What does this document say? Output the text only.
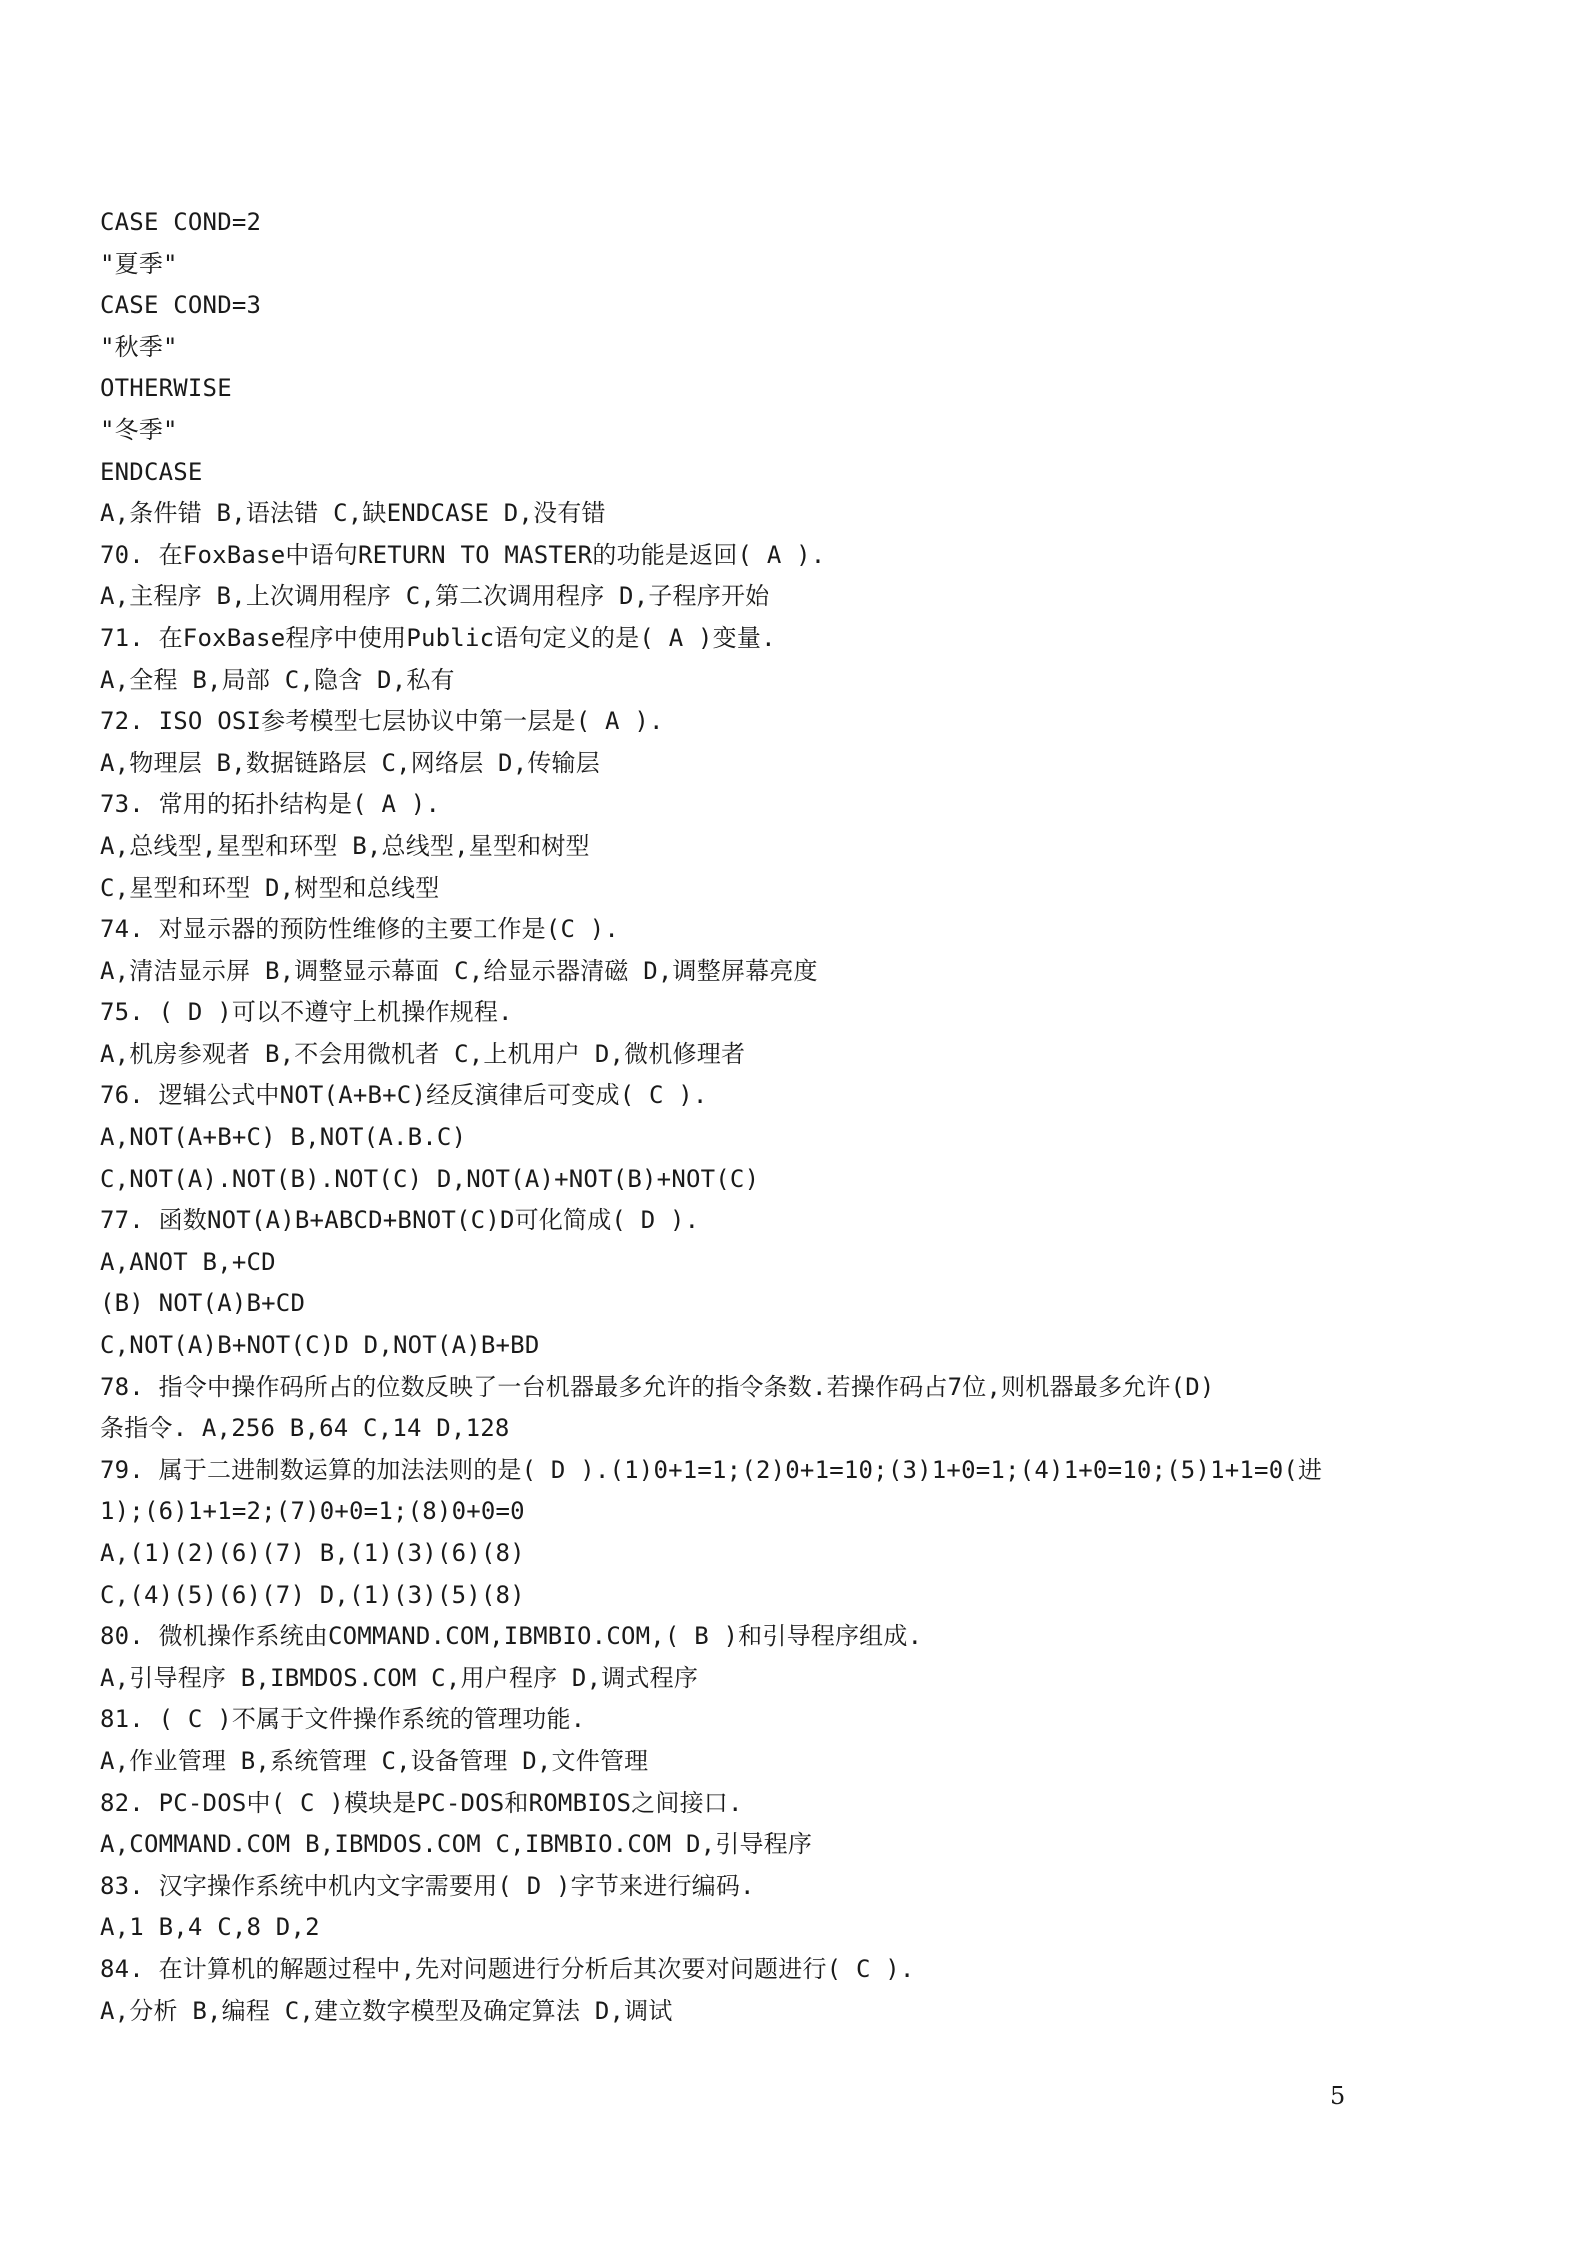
CASE COND=2
"夏季"
CASE COND=3
"秋季"
OTHERWISE
"冬季"
ENDCASE
A,条件错 B,语法错 C,缺ENDCASE D,没有错
70. 在FoxBase中语句RETURN TO MASTER的功能是返回( A ).
A,主程序 B,上次调用程序 C,第二次调用程序 D,子程序开始
71. 在FoxBase程序中使用Public语句定义的是( A )变量.
A,全程 B,局部 C,隐含 D,私有
72. ISO OSI参考模型七层协议中第一层是( A ).
A,物理层 B,数据链路层 C,网络层 D,传输层
73. 常用的拓扑结构是( A ).
A,总线型,星型和环型 B,总线型,星型和树型
C,星型和环型 D,树型和总线型
74. 对显示器的预防性维修的主要工作是(C ).
A,清洁显示屏 B,调整显示幕面 C,给显示器清磁 D,调整屏幕亮度
75. ( D )可以不遵守上机操作规程.
A,机房参观者 B,不会用微机者 C,上机用户 D,微机修理者
76. 逻辑公式中NOT(A+B+C)经反演律后可变成( C ).
A,NOT(A+B+C) B,NOT(A.B.C)
C,NOT(A).NOT(B).NOT(C) D,NOT(A)+NOT(B)+NOT(C)
77. 函数NOT(A)B+ABCD+BNOT(C)D可化简成( D ).
A,ANOT B,+CD
(B) NOT(A)B+CD
C,NOT(A)B+NOT(C)D D,NOT(A)B+BD
78. 指令中操作码所占的位数反映了一台机器最多允许的指令条数.若操作码占7位,则机器最多允许(D)
条指令. A,256 B,64 C,14 D,128
79. 属于二进制数运算的加法法则的是( D ).(1)0+1=1;(2)0+1=10;(3)1+0=1;(4)1+0=10;(5)1+1=0(进
1);(6)1+1=2;(7)0+0=1;(8)0+0=0
A,(1)(2)(6)(7) B,(1)(3)(6)(8)
C,(4)(5)(6)(7) D,(1)(3)(5)(8)
80. 微机操作系统由COMMAND.COM,IBMBIO.COM,( B )和引导程序组成.
A,引导程序 B,IBMDOS.COM C,用户程序 D,调式程序
81. ( C )不属于文件操作系统的管理功能.
A,作业管理 B,系统管理 C,设备管理 D,文件管理
82. PC-DOS中( C )模块是PC-DOS和ROMBIOS之间接口.
A,COMMAND.COM B,IBMDOS.COM C,IBMBIO.COM D,引导程序
83. 汉字操作系统中机内文字需要用( D )字节来进行编码.
A,1 B,4 C,8 D,2
84. 在计算机的解题过程中,先对问题进行分析后其次要对问题进行( C ).
A,分析 B,编程 C,建立数字模型及确定算法 D,调试
5
